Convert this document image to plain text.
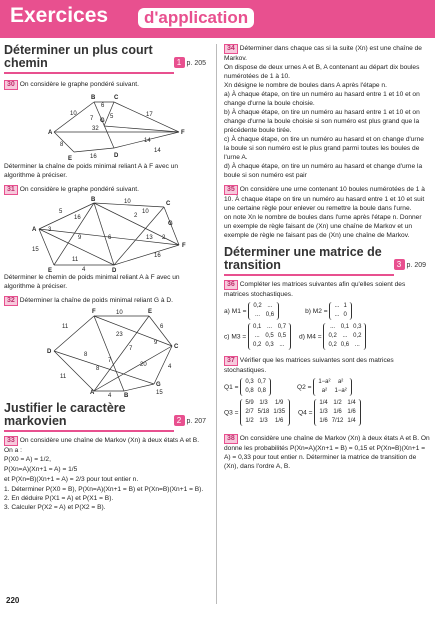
Exercices	d'application
Déterminer un plus court chemin	1 p. 205
30 On considère le graphe pondéré suivant.
A
B	C
D
E
F
G
10
6
7	5	17
32
8
14
16
14
Déterminer la chaîne de poids minimal reliant A à F avec un algorithme à préciser.
31 On considère le graphe pondéré suivant.
A
B
C
D
E
F
G
5
10
10
16
3
9	6	13 2
15
11
16
4
2
Déterminer le chemin de poids minimal reliant A à F avec un algorithme à préciser.
32 Déterminer la chaîne de poids minimal reliant G à D.
A	B
C
D
E
F
G
11
10
23
6
9
7
20	4
7
8
11
15
4
8
Justifier le caractère markovien	2 p. 207
33 On considère une chaîne de Markov (Xn) à deux états A et B. On a :
P(X0 = A) = 1/2,
P(Xn=A)(Xn+1 = A) = 1/5
et P(Xn=B)(Xn+1 = A) = 2/3 pour tout entier n.
1. Déterminer P(X0 = B), P(Xn=A)(Xn+1 = B) et P(Xn=B)(Xn+1 = B).
2. En déduire P(X1 = A) et P(X1 = B).
3. Calculer P(X2 = A) et P(X2 = B).
34 Déterminer dans chaque cas si la suite (Xn) est une chaîne de Markov.
On dispose de deux urnes A et B, A contenant au départ dix boules numérotées de 1 à 10.
Xn désigne le nombre de boules dans A après l'étape n.
a) À chaque étape, on tire un numéro au hasard entre 1 et 10 et on change d'urne la boule choisie.
b) À chaque étape, on tire un numéro au hasard entre 1 et 10 et on change d'urne la boule choisie si son numéro est plus grand que la précédente boule tirée.
c) À chaque étape, on tire un numéro au hasard et on change d'urne la boule si son numéro est le plus grand parmi toutes les boules de l'urne A.
d) À chaque étape, on tire un numéro au hasard et change d'urne la boule si son numéro est pair
35 On considère une urne contenant 10 boules numérotées de 1 à 10. À chaque étape on tire un numéro au hasard entre 1 et 10 et suit une certaine règle pour enlever ou remettre la boule dans l'urne.
on note Xn le nombre de boules dans l'urne après l'étape n. Donner un exemple de règle faisant de (Xn) une chaîne de Markov et un exemple de règle ne faisant pas de (Xn) une chaîne de Markov.
Déterminer une matrice de transition	3 p. 209
36 Compléter les matrices suivantes afin qu'elles soient des matrices stochastiques.
a) M1 =
0,2	...
...	0,6
b) M2 =
...	1
...	0
c) M3 =
0,1	...	0,7
...	0,5	0,5
0,2	0,3	...
d) M4 =
...	0,1	0,3
0,2	...	0,2
0,2	0,6	...
37 Vérifier que les matrices suivantes sont des matrices stochastiques.
Q1 =
0,3	0,7
0,8	0,8
Q2 =
1−a²	a²
a²	1−a²
Q3 =
5/9	1/3	1/9
2/7	5/18	1/35
1/2	1/3	1/6
Q4 =
1/4	1/2	1/4
1/3	1/6	1/6
1/6	7/12	1/4
38 On considère une chaîne de Markov (Xn) à deux états A et B. On donne les probabilités P(Xn=A)(Xn+1 = B) = 0,15 et P(Xn=B)(Xn+1 = A) = 0,33 pour tout entier n. Déterminer la matrice de transition de (Xn), dans l'ordre A, B.
220
